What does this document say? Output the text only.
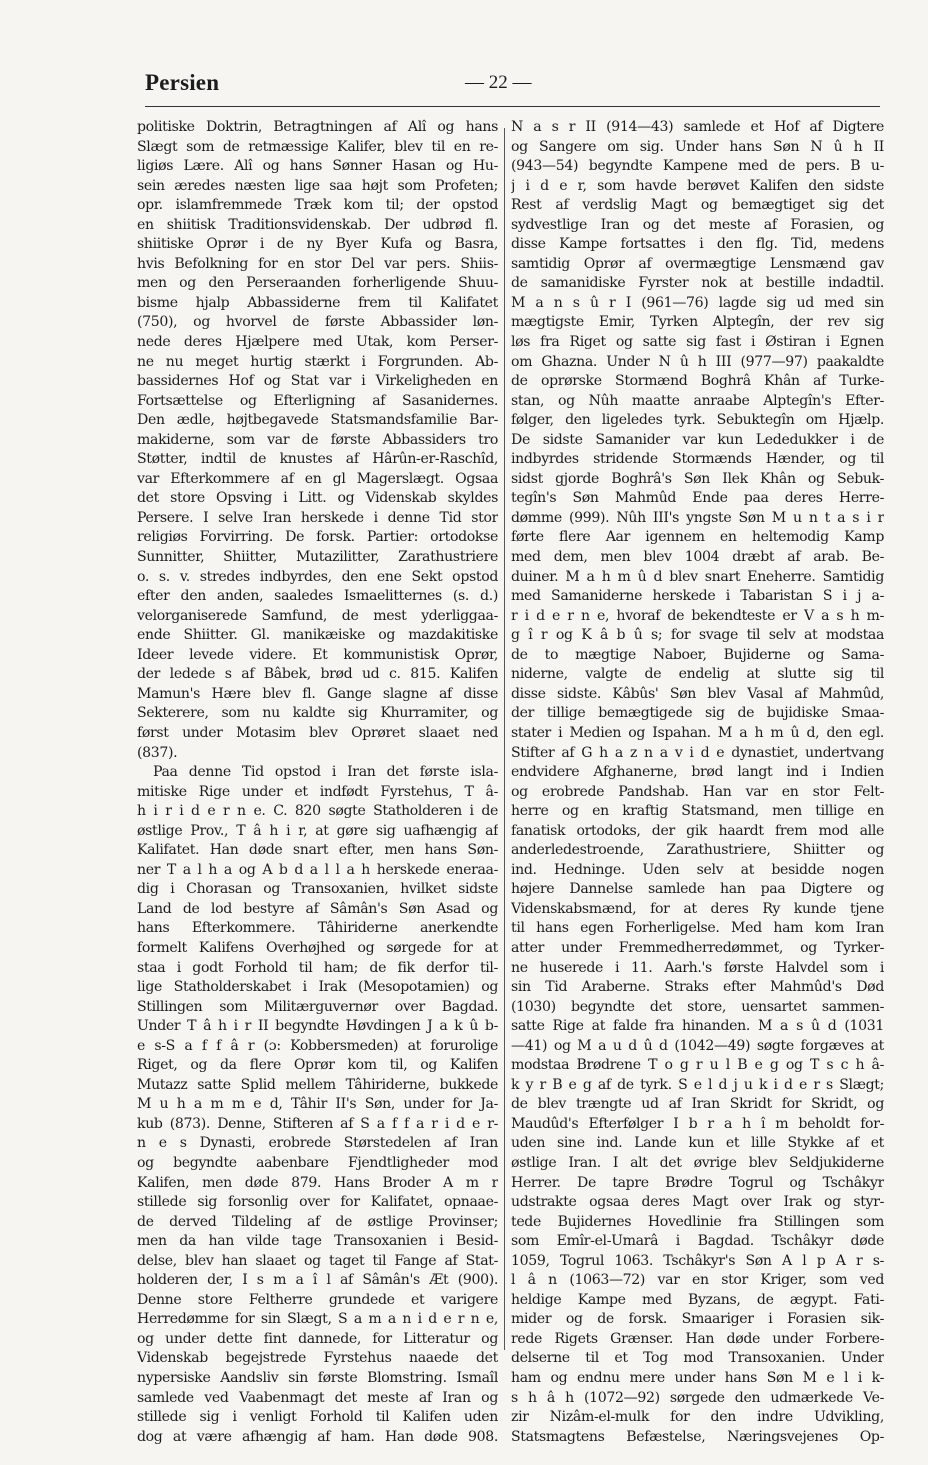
Persien	— 22 —
politiske Doktrin, Betragtningen af Alî og hans
Slægt som de retmæssige Kalifer, blev til en re-
ligiøs Lære. Alî og hans Sønner Hasan og Hu-
sein æredes næsten lige saa højt som Profeten;
opr. islamfremmede Træk kom til; der opstod
en shiitisk Traditionsvidenskab. Der udbrød fl.
shiitiske Oprør i de ny Byer Kufa og Basra,
hvis Befolkning for en stor Del var pers. Shiis-
men og den Perseraanden forherligende Shuu-
bisme hjalp Abbassiderne frem til Kalifatet
(750), og hvorvel de første Abbassider løn-
nede deres Hjælpere med Utak, kom Perser-
ne nu meget hurtig stærkt i Forgrunden. Ab-
bassidernes Hof og Stat var i Virkeligheden en
Fortsættelse og Efterligning af Sasanidernes.
Den ædle, højtbegavede Statsmandsfamilie Bar-
makiderne, som var de første Abbassiders tro
Støtter, indtil de knustes af Hârûn-er-Raschîd,
var Efterkommere af en gl Magerslægt. Ogsaa
det store Opsving i Litt. og Videnskab skyldes
Persere. I selve Iran herskede i denne Tid stor
religiøs Forvirring. De forsk. Partier: ortodokse
Sunnitter, Shiitter, Mutazilitter, Zarathustriere
o. s. v. stredes indbyrdes, den ene Sekt opstod
efter den anden, saaledes Ismaelitternes (s. d.)
velorganiserede Samfund, de mest yderliggaa-
ende Shiitter. Gl. manikæiske og mazdakitiske
Ideer levede videre. Et kommunistisk Oprør,
der ledede s af Bâbek, brød ud c. 815. Kalifen
Mamun's Hære blev fl. Gange slagne af disse
Sekterere, som nu kaldte sig Khurramiter, og
først under Motasim blev Oprøret slaaet ned
(837).
Paa denne Tid opstod i Iran det første isla-
mitiske Rige under et indfødt Fyrstehus, T â-
h i r i d e r n e. C. 820 søgte Statholderen i de
østlige Prov., T â h i r, at gøre sig uafhængig af
Kalifatet. Han døde snart efter, men hans Søn-
ner T a l h a og A b d a l l a h herskede eneraa-
dig i Chorasan og Transoxanien, hvilket sidste
Land de lod bestyre af Sâmân's Søn Asad og
hans Efterkommere. Tâhiriderne anerkendte
formelt Kalifens Overhøjhed og sørgede for at
staa i godt Forhold til ham; de fik derfor til-
lige Statholderskabet i Irak (Mesopotamien) og
Stillingen som Militærguvernør over Bagdad.
Under T â h i r II begyndte Høvdingen J a k û b-
e s-S a f f â r (ɔ: Kobbersmeden) at forurolige
Riget, og da flere Oprør kom til, og Kalifen
Mutazz satte Splid mellem Tâhiriderne, bukkede
M u h a m m e d, Tâhir II's Søn, under for Ja-
kub (873). Denne, Stifteren af S a f f a r i d e r-
n e s Dynasti, erobrede Størstedelen af Iran
og begyndte aabenbare Fjendtligheder mod
Kalifen, men døde 879. Hans Broder A m r
stillede sig forsonlig over for Kalifatet, opnaae-
de derved Tildeling af de østlige Provinser;
men da han vilde tage Transoxanien i Besid-
delse, blev han slaaet og taget til Fange af Stat-
holderen der, I s m a î l af Sâmân's Æt (900).
Denne store Feltherre grundede et varigere
Herredømme for sin Slægt, S a m a n i d e r n e,
og under dette fint dannede, for Litteratur og
Videnskab begejstrede Fyrstehus naaede det
nypersiske Aandsliv sin første Blomstring. Ismaîl
samlede ved Vaabenmagt det meste af Iran og
stillede sig i venligt Forhold til Kalifen uden
dog at være afhængig af ham. Han døde 908.
N a s r II (914—43) samlede et Hof af Digtere
og Sangere om sig. Under hans Søn N û h II
(943—54) begyndte Kampene med de pers. B u-
j i d e r, som havde berøvet Kalifen den sidste
Rest af verdslig Magt og bemægtiget sig det
sydvestlige Iran og det meste af Forasien, og
disse Kampe fortsattes i den flg. Tid, medens
samtidig Oprør af overmægtige Lensmænd gav
de samanidiske Fyrster nok at bestille indadtil.
M a n s û r I (961—76) lagde sig ud med sin
mægtigste Emir, Tyrken Alptegîn, der rev sig
løs fra Riget og satte sig fast i Østiran i Egnen
om Ghazna. Under N û h III (977—97) paakaldte
de oprørske Stormænd Boghrâ Khân af Turke-
stan, og Nûh maatte anraabe Alptegîn's Efter-
følger, den ligeledes tyrk. Sebuktegîn om Hjælp.
De sidste Samanider var kun Lededukker i de
indbyrdes stridende Stormænds Hænder, og til
sidst gjorde Boghrâ's Søn Ilek Khân og Sebuk-
tegîn's Søn Mahmûd Ende paa deres Herre-
dømme (999). Nûh III's yngste Søn M u n t a s i r
førte flere Aar igennem en heltemodig Kamp
med dem, men blev 1004 dræbt af arab. Be-
duiner. M a h m û d blev snart Eneherre. Samtidig
med Samaniderne herskede i Tabaristan S i j a-
r i d e r n e, hvoraf de bekendteste er V a s h m-
g î r og K â b û s; for svage til selv at modstaa
de to mægtige Naboer, Bujiderne og Sama-
niderne, valgte de endelig at slutte sig til
disse sidste. Kâbûs' Søn blev Vasal af Mahmûd,
der tillige bemægtigede sig de bujidiske Smaa-
stater i Medien og Ispahan. M a h m û d, den egl.
Stifter af G h a z n a v i d e dynastiet, undertvang
endvidere Afghanerne, brød langt ind i Indien
og erobrede Pandshab. Han var en stor Felt-
herre og en kraftig Statsmand, men tillige en
fanatisk ortodoks, der gik haardt frem mod alle
anderledestroende, Zarathustriere, Shiitter og
ind. Hedninge. Uden selv at besidde nogen
højere Dannelse samlede han paa Digtere og
Videnskabsmænd, for at deres Ry kunde tjene
til hans egen Forherligelse. Med ham kom Iran
atter under Fremmedherredømmet, og Tyrker-
ne huserede i 11. Aarh.'s første Halvdel som i
sin Tid Araberne. Straks efter Mahmûd's Død
(1030) begyndte det store, uensartet sammen-
satte Rige at falde fra hinanden. M a s û d (1031
—41) og M a u d û d (1042—49) søgte forgæves at
modstaa Brødrene T o g r u l B e g og T s c h â-
k y r B e g af de tyrk. S e l d j u k i d e r s Slægt;
de blev trængte ud af Iran Skridt for Skridt, og
Maudûd's Efterfølger I b r a h î m beholdt for-
uden sine ind. Lande kun et lille Stykke af et
østlige Iran. I alt det øvrige blev Seldjukiderne
Herrer. De tapre Brødre Togrul og Tschâkyr
udstrakte ogsaa deres Magt over Irak og styr-
tede Bujidernes Hovedlinie fra Stillingen som
som Emîr-el-Umarâ i Bagdad. Tschâkyr døde
1059, Togrul 1063. Tschâkyr's Søn A l p A r s-
l â n (1063—72) var en stor Kriger, som ved
heldige Kampe med Byzans, de ægypt. Fati-
mider og de forsk. Smaariger i Forasien sik-
rede Rigets Grænser. Han døde under Forbere-
delserne til et Tog mod Transoxanien. Under
ham og endnu mere under hans Søn M e l i k-
s h â h (1072—92) sørgede den udmærkede Ve-
zir Nizâm-el-mulk for den indre Udvikling,
Statsmagtens Befæstelse, Næringsvejenes Op-
